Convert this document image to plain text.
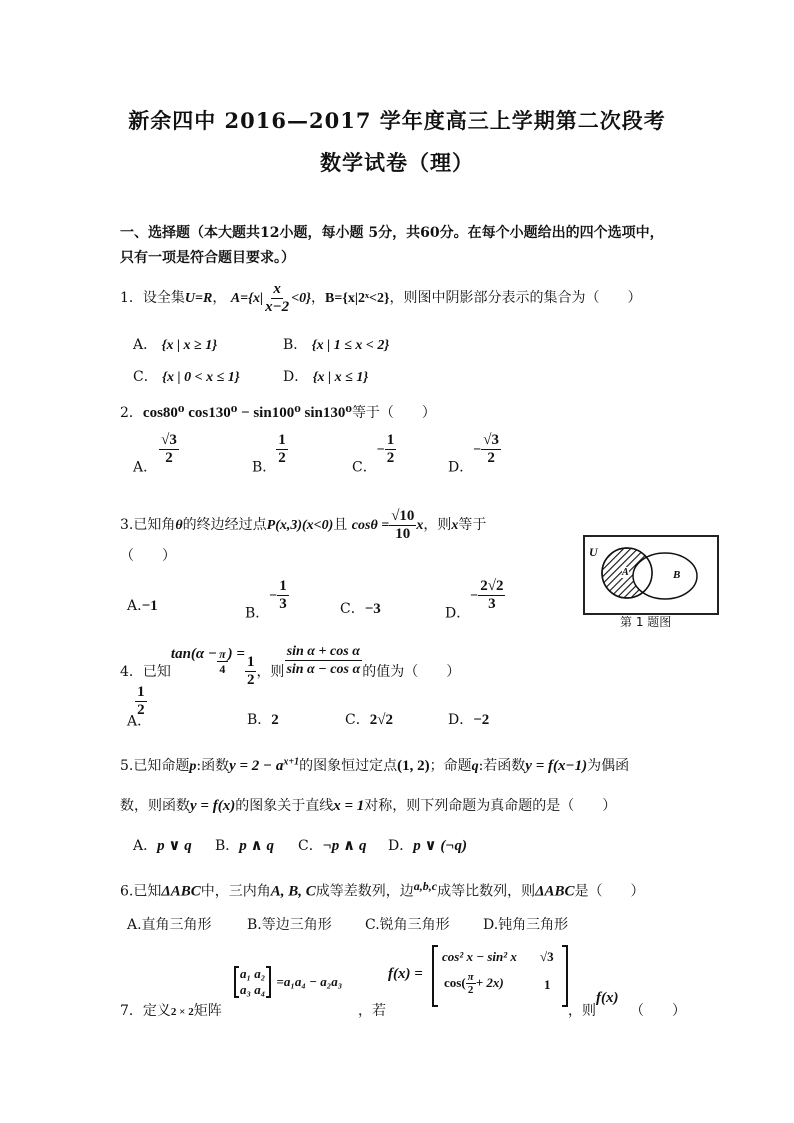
新余四中 2016—2017 学年度高三上学期第二次段考
数学试卷（理）
一、选择题（本大题共12小题，每小题 5分，共60分。在每个小题给出的四个选项中，
只有一项是符合题目要求。）
1．设全集U=R， $A=\{x| \frac{x}{x-2} <0\}$，B={x|2ˣ<2}，则图中阴影部分表示的集合为（　　）
A． {x | x ≥ 1}	B． {x | 1 ≤ x < 2}
C． {x | 0 < x ≤ 1}	D． {x | x ≤ 1}
2．cos80⁰ cos130⁰ − sin100⁰ sin130⁰等于（　　）
A．
$\frac{√3}{2}$
B．
$\frac{1}{2}$
C．− $\frac{1}{2}$
D．− $\frac{√3}{2}$
3.已知角θ的终边经过点P(x,3)(x<0)且 $\cos\theta = \frac{√10}{10}$ x，则x等于
（　　）
A.−1	B．− $\frac{1}{3}$	C．−3	D．− $\frac{2√2}{3}$
U
A	B
第 1 题图
4．已知$\tan(\alpha - \frac{\pi}{4}$ ) = $\frac{1}{2}$ ，则 $\frac{\text{sin α + cos α}}{\text{sin α − cos α}}$ 的值为（　　）
A．
$\frac{1}{2}$
B．2	C．2√2	D．−2
5.已知命题p:函数$y = 2 - a^{x+1}$的图象恒过定点(1, 2)；命题q:若函数y = f(x−1)为偶函
数，则函数y = f(x)的图象关于直线x = 1对称，则下列命题为真命题的是（　　）
A．p ∨ q B．p ∧ q C．¬p ∧ q D．p ∨ (¬q)
6.已知ΔABC中，三内角A, B, C成等差数列，边$^{a,b,c}$成等比数列，则ΔABC是（　　）
A.直角三角形	B.等边三角形 C.锐角三角形 D.钝角三角形
7．定义2 × 2矩阵
a₁ a₂
a₃ a₄ $^{=a_1a_4 - a_2a_3}$
，若
f(x) =
cos² x − sin² x √3
$\cos( \frac{\pi}{2} + 2x)$	1
，则
f(x)
（　　）
